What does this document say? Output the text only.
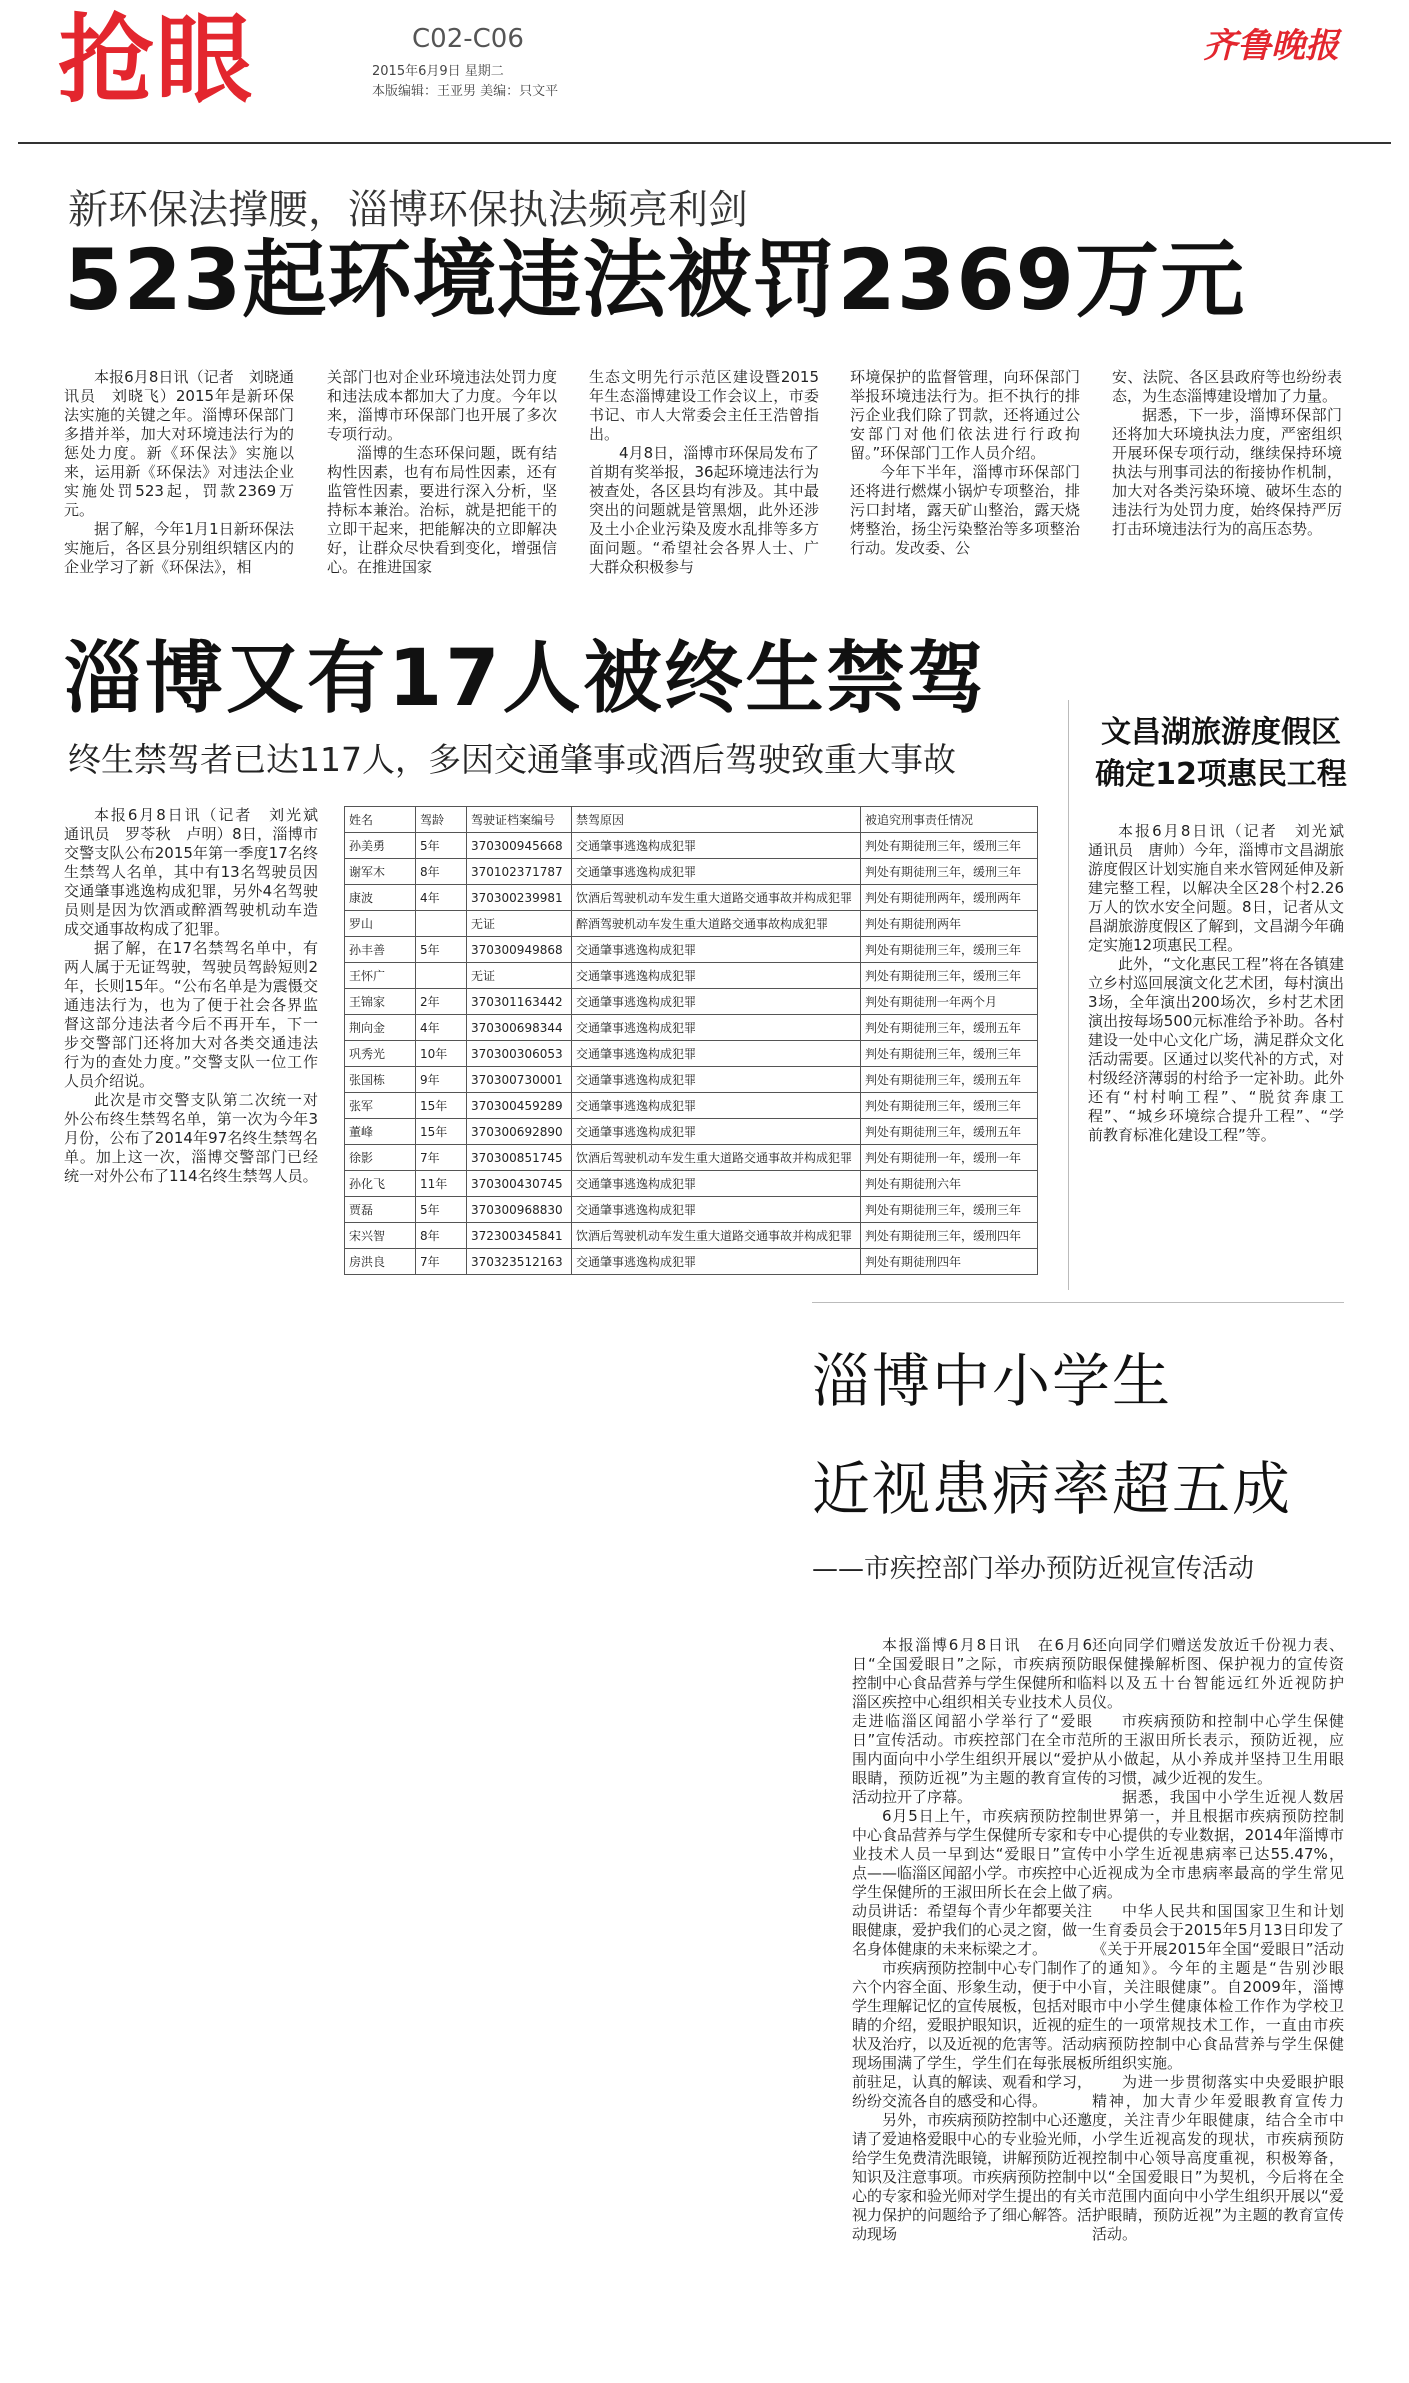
抢眼	C02-C06
2015年6月9日 星期二
本版编辑：王亚男 美编：只文平
齐鲁晚报
新环保法撑腰，淄博环保执法频亮利剑
523起环境违法被罚2369万元

本报6月8日讯（记者　刘晓通讯员　刘晓飞）2015年是新环保法实施的关键之年。淄博环保部门多措并举，加大对环境违法行为的惩处力度。新《环保法》实施以来，运用新《环保法》对违法企业实施处罚523起，罚款2369万元。

据了解，今年1月1日新环保法实施后，各区县分别组织辖区内的企业学习了新《环保法》，相

关部门也对企业环境违法处罚力度和违法成本都加大了力度。今年以来，淄博市环保部门也开展了多次专项行动。

淄博的生态环保问题，既有结构性因素，也有布局性因素，还有监管性因素，要进行深入分析，坚持标本兼治。治标，就是把能干的立即干起来，把能解决的立即解决好，让群众尽快看到变化，增强信心。在推进国家

生态文明先行示范区建设暨2015年生态淄博建设工作会议上，市委书记、市人大常委会主任王浩曾指出。

4月8日，淄博市环保局发布了首期有奖举报，36起环境违法行为被查处，各区县均有涉及。其中最突出的问题就是管黑烟，此外还涉及土小企业污染及废水乱排等多方面问题。“希望社会各界人士、广大群众积极参与

环境保护的监督管理，向环保部门举报环境违法行为。拒不执行的排污企业我们除了罚款，还将通过公安部门对他们依法进行行政拘留。”环保部门工作人员介绍。

今年下半年，淄博市环保部门还将进行燃煤小锅炉专项整治，排污口封堵，露天矿山整治，露天烧烤整治，扬尘污染整治等多项整治行动。发改委、公

安、法院、各区县政府等也纷纷表态，为生态淄博建设增加了力量。

据悉，下一步，淄博环保部门还将加大环境执法力度，严密组织开展环保专项行动，继续保持环境执法与刑事司法的衔接协作机制，加大对各类污染环境、破坏生态的违法行为处罚力度，始终保持严厉打击环境违法行为的高压态势。

淄博又有17人被终生禁驾
终生禁驾者已达117人，多因交通肇事或酒后驾驶致重大事故

本报6月8日讯（记者　刘光斌　通讯员　罗苓秋　卢明）8日，淄博市交警支队公布2015年第一季度17名终生禁驾人名单，其中有13名驾驶员因交通肇事逃逸构成犯罪，另外4名驾驶员则是因为饮酒或醉酒驾驶机动车造成交通事故构成了犯罪。

据了解，在17名禁驾名单中，有两人属于无证驾驶，驾驶员驾龄短则2年，长则15年。“公布名单是为震慑交通违法行为，也为了便于社会各界监督这部分违法者今后不再开车，下一步交警部门还将加大对各类交通违法行为的查处力度。”交警支队一位工作人员介绍说。

此次是市交警支队第二次统一对外公布终生禁驾名单，第一次为今年3月份，公布了2014年97名终生禁驾名单。加上这一次，淄博交警部门已经统一对外公布了114名终生禁驾人员。

姓名	驾龄	驾驶证档案编号	禁驾原因	被追究刑事责任情况
孙美勇	5年	370300945668	交通肇事逃逸构成犯罪	判处有期徒刑三年，缓刑三年
谢军木	8年	370102371787	交通肇事逃逸构成犯罪	判处有期徒刑三年，缓刑三年
康波	4年	370300239981	饮酒后驾驶机动车发生重大道路交通事故并构成犯罪	判处有期徒刑两年，缓刑两年
罗山		无证	醉酒驾驶机动车发生重大道路交通事故构成犯罪	判处有期徒刑两年
孙丰善	5年	370300949868	交通肇事逃逸构成犯罪	判处有期徒刑三年，缓刑三年
王怀广		无证	交通肇事逃逸构成犯罪	判处有期徒刑三年，缓刑三年
王锦家	2年	370301163442	交通肇事逃逸构成犯罪	判处有期徒刑一年两个月
荆向金	4年	370300698344	交通肇事逃逸构成犯罪	判处有期徒刑三年，缓刑五年
巩秀光	10年	370300306053	交通肇事逃逸构成犯罪	判处有期徒刑三年，缓刑三年
张国栋	9年	370300730001	交通肇事逃逸构成犯罪	判处有期徒刑三年，缓刑五年
张军	15年	370300459289	交通肇事逃逸构成犯罪	判处有期徒刑三年，缓刑三年
董峰	15年	370300692890	交通肇事逃逸构成犯罪	判处有期徒刑三年，缓刑五年
徐影	7年	370300851745	饮酒后驾驶机动车发生重大道路交通事故并构成犯罪	判处有期徒刑一年，缓刑一年
孙化飞	11年	370300430745	交通肇事逃逸构成犯罪	判处有期徒刑六年
贾磊	5年	370300968830	交通肇事逃逸构成犯罪	判处有期徒刑三年，缓刑三年
宋兴智	8年	372300345841	饮酒后驾驶机动车发生重大道路交通事故并构成犯罪	判处有期徒刑三年，缓刑四年
房洪良	7年	370323512163	交通肇事逃逸构成犯罪	判处有期徒刑四年
文昌湖旅游度假区
确定12项惠民工程

本报6月8日讯（记者　刘光斌　通讯员　唐帅）今年，淄博市文昌湖旅游度假区计划实施自来水管网延伸及新建完整工程，以解决全区28个村2.26万人的饮水安全问题。8日，记者从文昌湖旅游度假区了解到，文昌湖今年确定实施12项惠民工程。

此外，“文化惠民工程”将在各镇建立乡村巡回展演文化艺术团，每村演出3场，全年演出200场次，乡村艺术团演出按每场500元标准给予补助。各村建设一处中心文化广场，满足群众文化活动需要。区通过以奖代补的方式，对村级经济薄弱的村给予一定补助。此外还有“村村响工程”、“脱贫奔康工程”、“城乡环境综合提升工程”、“学前教育标准化建设工程”等。

淄博中小学生
近视患病率超五成
——市疾控部门举办预防近视宣传活动

本报淄博6月8日讯　在6月6日“全国爱眼日”之际，市疾病预防控制中心食品营养与学生保健所和临淄区疾控中心组织相关专业技术人员走进临淄区闻韶小学举行了“爱眼日”宣传活动。市疾控部门在全市范围内面向中小学生组织开展以“爱护眼睛，预防近视”为主题的教育宣传活动拉开了序幕。

6月5日上午，市疾病预防控制中心食品营养与学生保健所专家和专业技术人员一早到达“爱眼日”宣传点——临淄区闻韶小学。市疾控中心学生保健所的王淑田所长在会上做了动员讲话：希望每个青少年都要关注眼健康，爱护我们的心灵之窗，做一名身体健康的未来标梁之才。

市疾病预防控制中心专门制作了六个内容全面、形象生动，便于中小学生理解记忆的宣传展板，包括对眼睛的介绍，爱眼护眼知识，近视的症状及治疗，以及近视的危害等。活动现场围满了学生，学生们在每张展板前驻足，认真的解读、观看和学习，纷纷交流各自的感受和心得。

另外，市疾病预防控制中心还邀请了爱迪格爱眼中心的专业验光师，给学生免费清洗眼镜，讲解预防近视知识及注意事项。市疾病预防控制中心的专家和验光师对学生提出的有关视力保护的问题给予了细心解答。活动现场

还向同学们赠送发放近千份视力表、眼保健操解析图、保护视力的宣传资料以及五十台智能远红外近视防护仪。

市疾病预防和控制中心学生保健所的王淑田所长表示，预防近视，应从小做起，从小养成并坚持卫生用眼的习惯，减少近视的发生。

据悉，我国中小学生近视人数居世界第一，并且根据市疾病预防控制中心提供的专业数据，2014年淄博市中小学生近视患病率已达55.47%，近视成为全市患病率最高的学生常见病。

中华人民共和国国家卫生和计划生育委员会于2015年5月13日印发了《关于开展2015年全国“爱眼日”活动的通知》。今年的主题是“告别沙眼盲，关注眼健康”。自2009年，淄博市中小学生健康体检工作作为学校卫生的一项常规技术工作，一直由市疾病预防控制中心食品营养与学生保健所组织实施。

为进一步贯彻落实中央爱眼护眼精神，加大青少年爱眼教育宣传力度，关注青少年眼健康，结合全市中小学生近视高发的现状，市疾病预防控制中心领导高度重视，积极筹备，以“全国爱眼日”为契机，今后将在全市范围内面向中小学生组织开展以“爱护眼睛，预防近视”为主题的教育宣传活动。
